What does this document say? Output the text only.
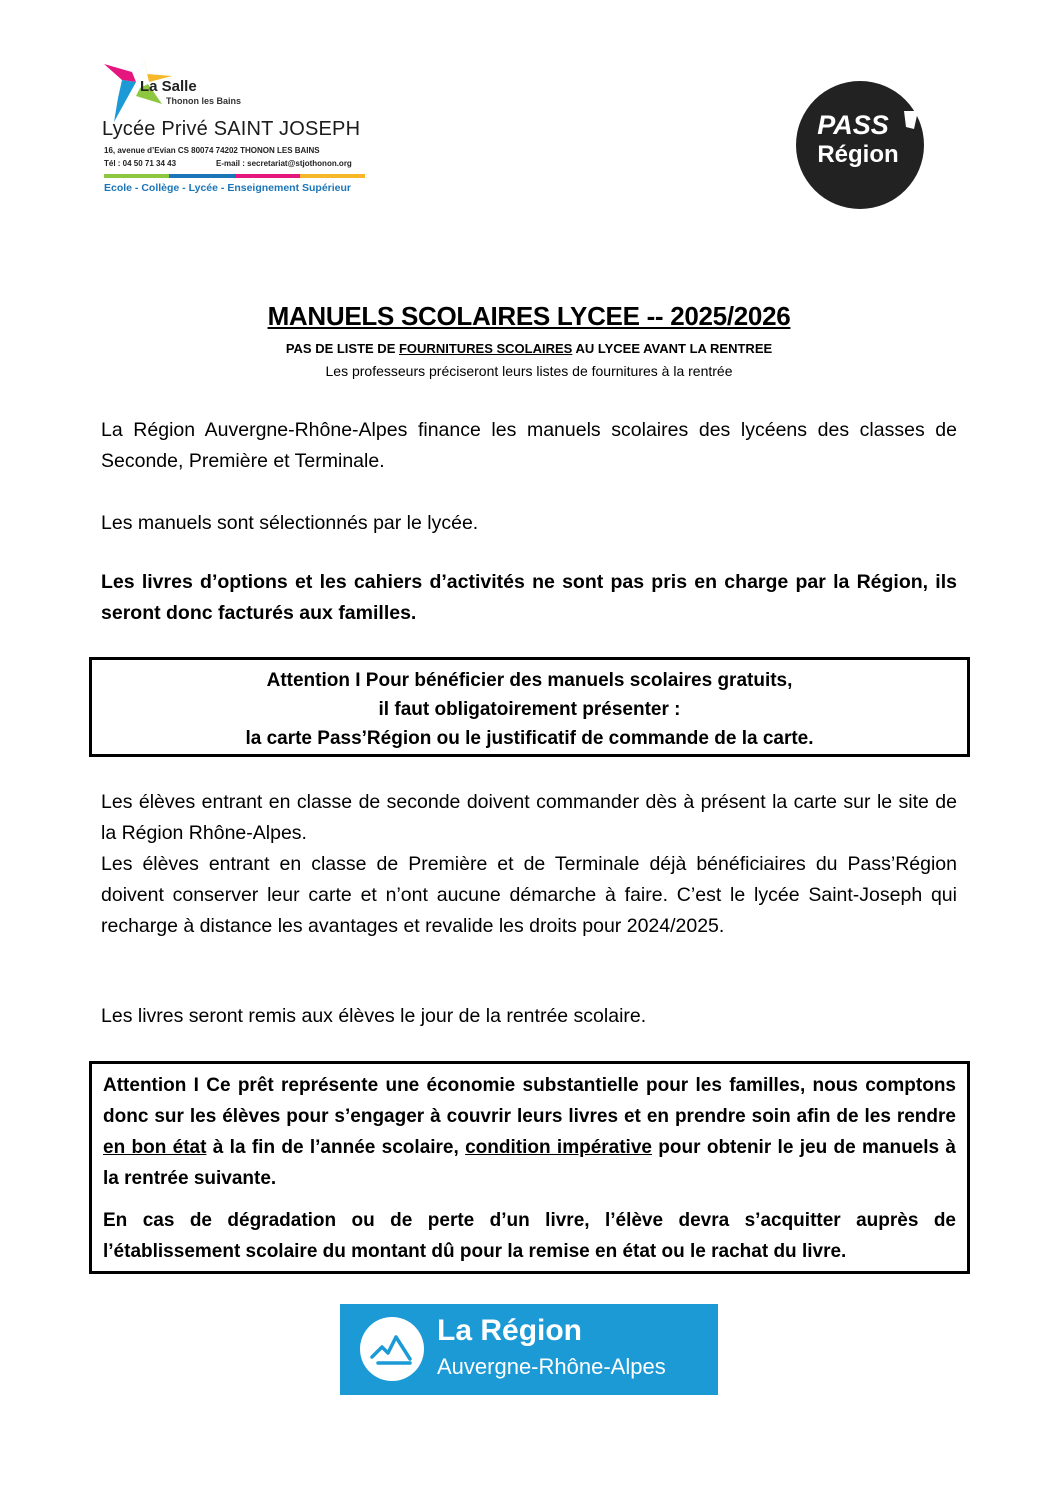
La Salle
Thonon les Bains
Lycée Privé SAINT JOSEPH
16, avenue d’Evian CS 80074 74202 THONON LES BAINS
Tél : 04 50 71 34 43	E-mail : secretariat@stjothonon.org
Ecole - Collège - Lycée - Enseignement Supérieur
PASS
Région
MANUELS SCOLAIRES LYCEE -- 2025/2026
PAS DE LISTE DE FOURNITURES SCOLAIRES AU LYCEE AVANT LA RENTREE
Les professeurs préciseront leurs listes de fournitures à la rentrée
La Région Auvergne-Rhône-Alpes finance les manuels scolaires des lycéens des classes de Seconde, Première et Terminale.
Les manuels sont sélectionnés par le lycée.
Les livres d’options et les cahiers d’activités ne sont pas pris en charge par la Région, ils seront donc facturés aux familles.
Attention I Pour bénéficier des manuels scolaires gratuits,
il faut obligatoirement présenter :
la carte Pass’Région ou le justificatif de commande de la carte.
Les élèves entrant en classe de seconde doivent commander dès à présent la carte sur le site de la Région Rhône-Alpes.
Les élèves entrant en classe de Première et de Terminale déjà bénéficiaires du Pass’Région doivent conserver leur carte et n’ont aucune démarche à faire. C’est le lycée Saint-Joseph qui recharge à distance les avantages et revalide les droits pour 2024/2025.
Les livres seront remis aux élèves le jour de la rentrée scolaire.

Attention I Ce prêt représente une économie substantielle pour les familles, nous comptons donc sur les élèves pour s’engager à couvrir leurs livres et en prendre soin afin de les rendre en bon état à la fin de l’année scolaire, condition impérative pour obtenir le jeu de manuels à la rentrée suivante.

En cas de dégradation ou de perte d’un livre, l’élève devra s’acquitter auprès de l’établissement scolaire du montant dû pour la remise en état ou le rachat du livre.

La Région
Auvergne-Rhône-Alpes
